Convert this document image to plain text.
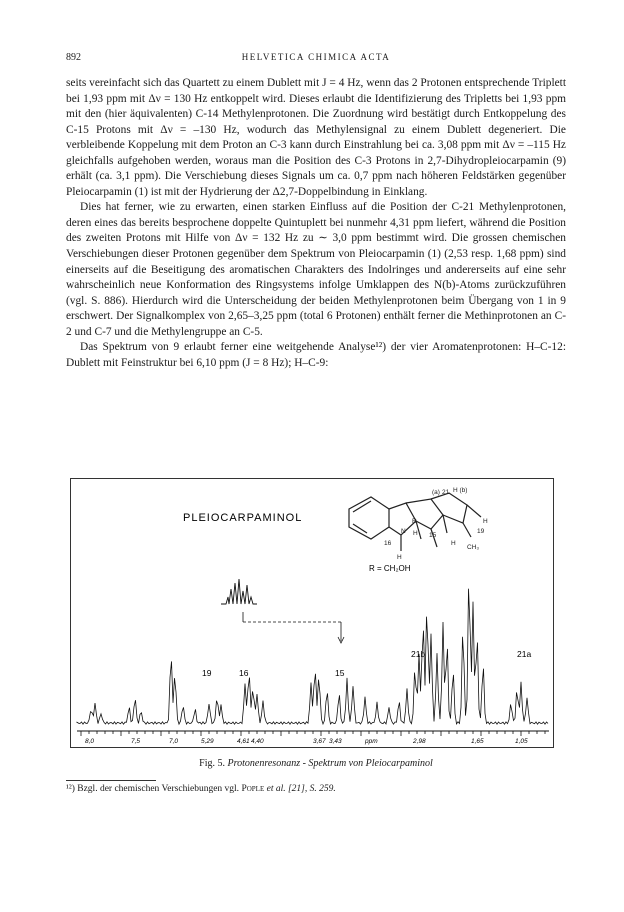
892	HELVETICA CHIMICA ACTA

seits vereinfacht sich das Quartett zu einem Dublett mit J = 4 Hz, wenn das 2 Protonen entsprechende Triplett bei 1,93 ppm mit Δν = 130 Hz entkoppelt wird. Dieses erlaubt die Identifizierung des Tripletts bei 1,93 ppm mit den (hier äquivalenten) C-14 Methylenprotonen. Die Zuordnung wird bestätigt durch Entkoppelung des C-15 Protons mit Δν = –130 Hz, wodurch das Methylensignal zu einem Dublett degeneriert. Die verbleibende Koppelung mit dem Proton an C-3 kann durch Einstrahlung bei ca. 3,08 ppm mit Δν = –115 Hz gleichfalls aufgehoben werden, woraus man die Position des C-3 Protons in 2,7-Dihydropleiocarpamin (9) erhält (ca. 3,1 ppm). Die Verschiebung dieses Signals um ca. 0,7 ppm nach höheren Feldstärken gegenüber Pleiocarpamin (1) ist mit der Hydrierung der Δ2,7-Doppelbindung in Einklang.

Dies hat ferner, wie zu erwarten, einen starken Einfluss auf die Position der C-21 Methylenprotonen, deren eines das bereits besprochene doppelte Quintuplett bei nunmehr 4,31 ppm liefert, während die Position des zweiten Protons mit Hilfe von Δν = 132 Hz zu ∼ 3,0 ppm bestimmt wird. Die grossen chemischen Verschiebungen dieser Protonen gegenüber dem Spektrum von Pleiocarpamin (1) (2,53 resp. 1,68 ppm) sind einerseits auf die Beseitigung des aromatischen Charakters des Indolringes und andererseits auf eine sehr wahrscheinlich neue Konformation des Ringsystems infolge Umklappen des N(b)-Atoms zurückzuführen (vgl. S. 886). Hierdurch wird die Unterscheidung der beiden Methylenprotonen beim Übergang von 1 in 9 erschwert. Der Signalkomplex von 2,65–3,25 ppm (total 6 Protonen) enthält ferner die Methinprotonen an C-2 und C-7 und die Methylengruppe an C-5.

Das Spektrum von 9 erlaubt ferner eine weitgehende Analyse¹²) der vier Aromatenprotonen: H–C-12: Dublett mit Feinstruktur bei 6,10 ppm (J = 8 Hz); H–C-9:

PLEIOCARPAMINOL
(a) 21 H (b)
R
N H 15
16
H
H
19
CH₃
H
R = CH₂OH
19	16	15
21b	21a
8,0	7,5	7,0	5,29	4,61 4,40	3,67 3,43	ppm	2,98	1,65	1,05
Fig. 5. Protonenresonanz - Spektrum von Pleiocarpaminol
¹²) Bzgl. der chemischen Verschiebungen vgl. Pople et al. [21], S. 259.
